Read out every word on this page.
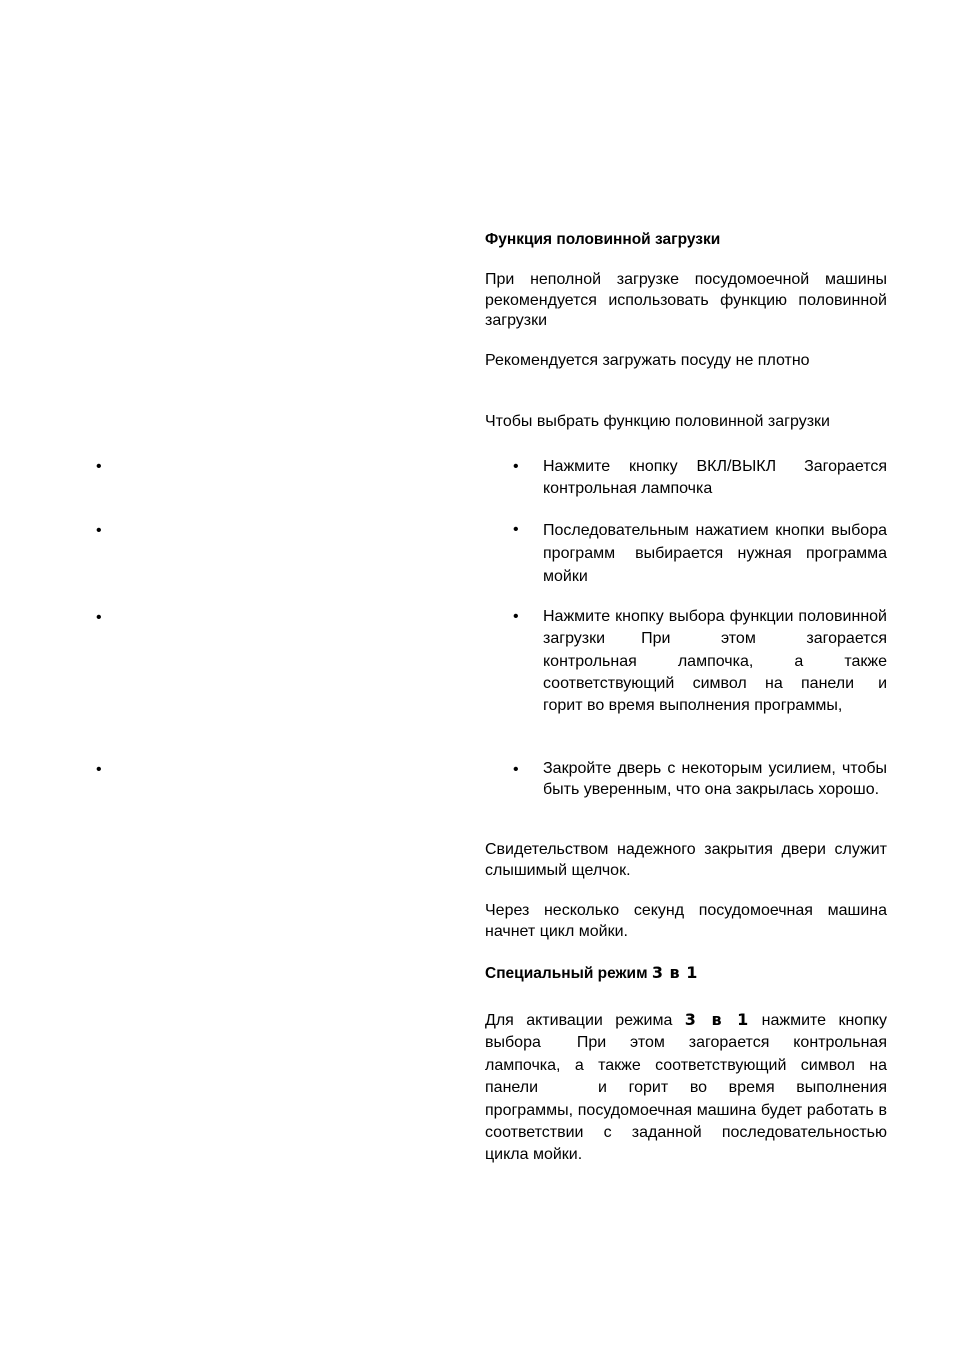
•
•
•
•
Функция половинной загрузки
При неполной загрузке посудомоечной машины рекомендуется использовать функцию половинной загрузки
Рекомендуется загружать посуду не плотно
Чтобы выбрать функцию половинной загрузки
• Нажмите кнопку ВКЛ/ВЫКЛ Загорается контрольная лампочка
• Последовательным нажатием кнопки выбора программ выбирается нужная программа мойки
• Нажмите кнопку выбора функции половинной загрузки При этом загорается контрольная лампочка, а также соответствующий символ на панели и горит во время выполнения программы,
• Закройте дверь с некоторым усилием, чтобы быть уверенным, что она закрылась хорошо.
Свидетельством надежного закрытия двери служит слышимый щелчок.
Через несколько секунд посудомоечная машина начнет цикл мойки.
Специальный режим 3 в 1
Для активации режима 3 в 1 нажмите кнопку выбора При этом загорается контрольная лампочка, а также соответствующий символ на панели	и горит во время выполнения программы, посудомоечная машина будет работать в соответствии с заданной последовательностью цикла мойки.
